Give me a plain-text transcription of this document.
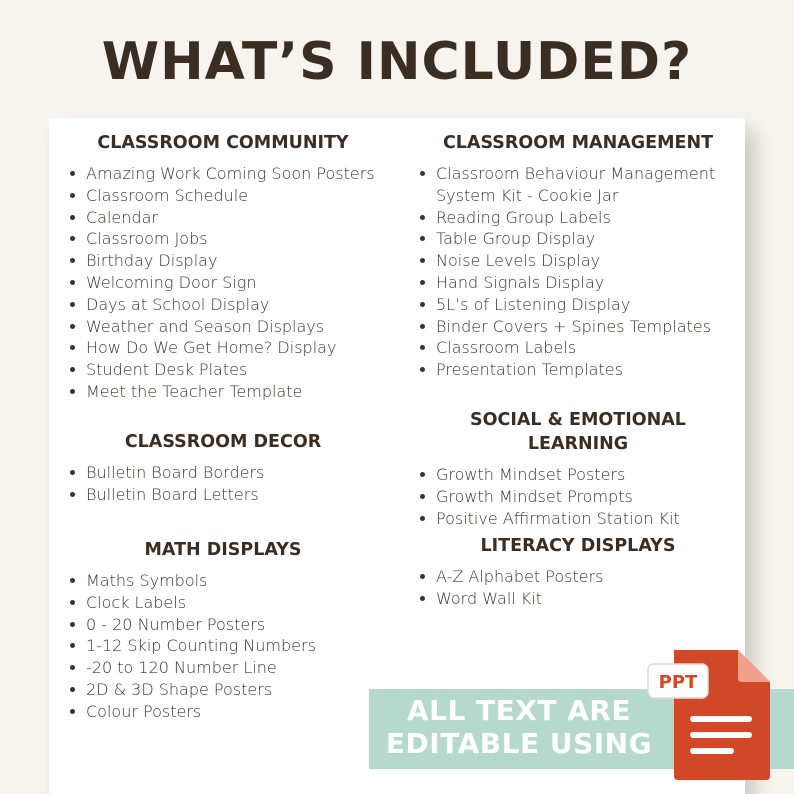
WHAT’S INCLUDED?
CLASSROOM COMMUNITY
Amazing Work Coming Soon Posters
Classroom Schedule
Calendar
Classroom Jobs
Birthday Display
Welcoming Door Sign
Days at School Display
Weather and Season Displays
How Do We Get Home? Display
Student Desk Plates
Meet the Teacher Template
CLASSROOM DECOR
Bulletin Board Borders
Bulletin Board Letters
MATH DISPLAYS
Maths Symbols
Clock Labels
0 - 20 Number Posters
1-12 Skip Counting Numbers
-20 to 120 Number Line
2D & 3D Shape Posters
Colour Posters
CLASSROOM MANAGEMENT
Classroom Behaviour Management System Kit - Cookie Jar
Reading Group Labels
Table Group Display
Noise Levels Display
Hand Signals Display
5L’s of Listening Display
Binder Covers + Spines Templates
Classroom Labels
Presentation Templates
SOCIAL & EMOTIONAL LEARNING
Growth Mindset Posters
Growth Mindset Prompts
Positive Affirmation Station Kit
LITERACY DISPLAYS
A-Z Alphabet Posters
Word Wall Kit
ALL TEXT ARE
EDITABLE USING
PPT
